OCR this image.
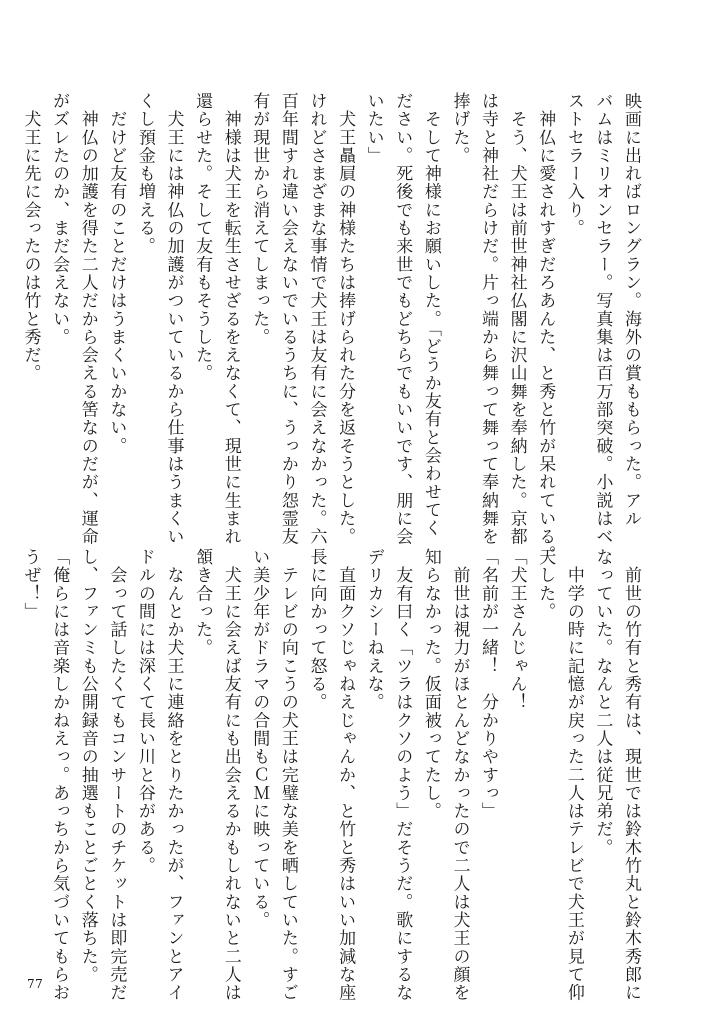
映画に出ればロングラン。海外の賞ももらった。アル
バムはミリオンセラー。写真集は百万部突破。小説はベ
ストセラー入り。
　神仏に愛されすぎだろあんた、と秀と竹が呆れている。
　そう、犬王は前世神社仏閣に沢山舞を奉納した。京都
は寺と神社だらけだ。片っ端から舞って舞って奉納舞を
捧げた。
　そして神様にお願いした。「どうか友有と会わせてく
ださい。死後でも来世でもどちらでもいいです、朋に会
いたい」
　犬王贔屓の神様たちは捧げられた分を返そうとした。
けれどさまざまな事情で犬王は友有に会えなかった。六
百年間すれ違い会えないでいるうちに、うっかり怨霊友
有が現世から消えてしまった。
　神様は犬王を転生させざるをえなくて、現世に生まれ
還らせた。そして友有もそうした。
　犬王には神仏の加護がついているから仕事はうまくい
くし預金も増える。
　だけど友有のことだけはうまくいかない。
　神仏の加護を得た二人だから会える筈なのだが、運命
がズレたのか、まだ会えない。
　犬王に先に会ったのは竹と秀だ。
　前世の竹有と秀有は、現世では鈴木竹丸と鈴木秀郎に
なっていた。なんと二人は従兄弟だ。
　中学の時に記憶が戻った二人はテレビで犬王が見て仰
天した。
「犬王さんじゃん！
「名前が一緒！　分かりやすっ」
　前世は視力がほとんどなかったので二人は犬王の顔を
知らなかった。仮面被ってたし。
　友有曰く「ツラはクソのよう」だそうだ。歌にするな
デリカシーねえな。
　直面クソじゃねえじゃんか、と竹と秀はいい加減な座
長に向かって怒る。
　テレビの向こうの犬王は完璧な美を晒していた。すご
い美少年がドラマの合間もＣＭに映っている。
　犬王に会えば友有にも出会えるかもしれないと二人は
頷き合った。
　なんとか犬王に連絡をとりたかったが、ファンとアイ
ドルの間には深くて長い川と谷がある。
　会って話したくてもコンサートのチケットは即完売だ
し、ファンミも公開録音の抽選もことごとく落ちた。
「俺らには音楽しかねえっ。あっちから気づいてもらお
うぜ！」
77
